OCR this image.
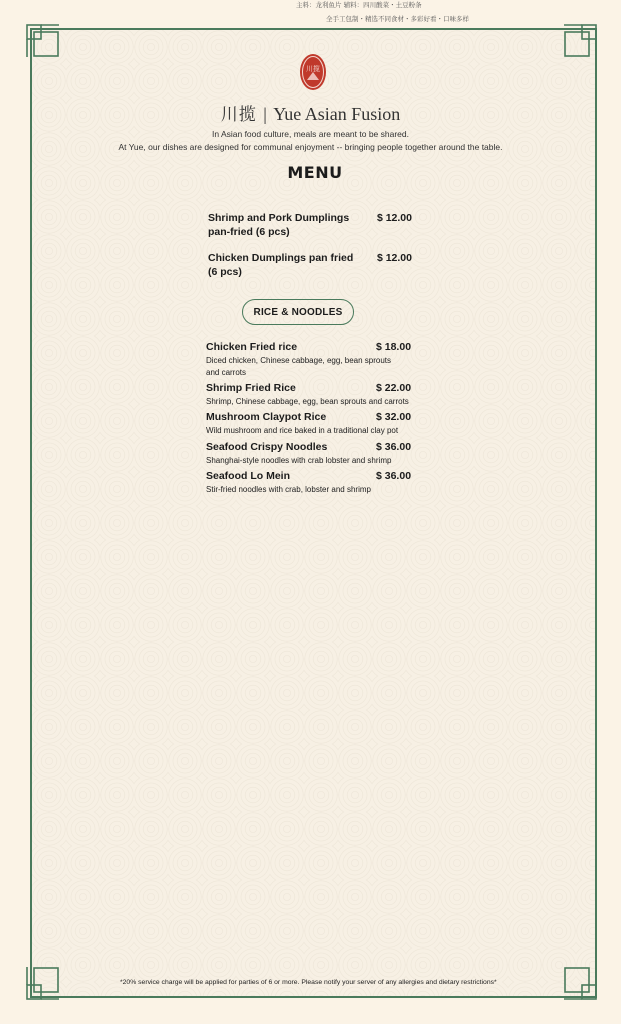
主料：龙利鱼片 辅料：四川酸菜・土豆粉条
全手工包制・精选不同食材・多彩好看・口味多样
川揽
川揽 | Yue Asian Fusion
In Asian food culture, meals are meant to be shared.
At Yue, our dishes are designed for communal enjoyment -- bringing people together around the table.
MENU
Shrimp and Pork Dumplings pan-fried (6 pcs)
$ 12.00
Chicken Dumplings pan fried (6 pcs)
$ 12.00
RICE & NOODLES
Chicken Fried rice	$ 18.00
Diced chicken, Chinese cabbage, egg, bean sprouts and carrots
Shrimp Fried Rice	$ 22.00
Shrimp, Chinese cabbage, egg, bean sprouts and carrots
Mushroom Claypot Rice	$ 32.00
Wild mushroom and rice baked in a traditional clay pot
Seafood Crispy Noodles	$ 36.00
Shanghai-style noodles with crab lobster and shrimp
Seafood Lo Mein	$ 36.00
Stir-fried noodles with crab, lobster and shrimp
*20% service charge will be applied for parties of 6 or more. Please notify your server of any allergies and dietary restrictions*
